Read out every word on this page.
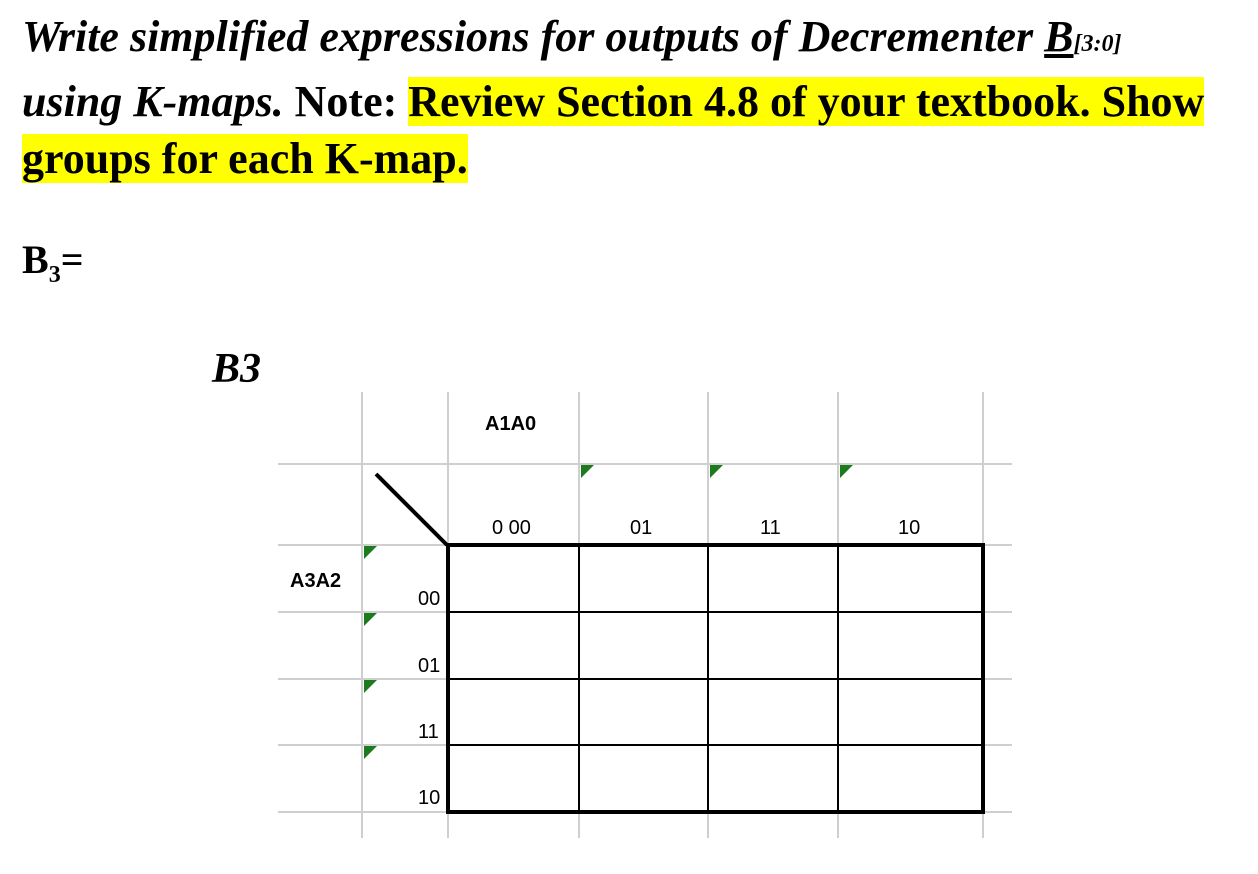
Write simplified expressions for outputs of Decrementer B[3:0]
using K-maps. Note: Review Section 4.8 of your textbook. Show groups for each K-map.
$B_3=$
B3
A1A0
A3A2
0 00	01	11	10
00
01
11
10
